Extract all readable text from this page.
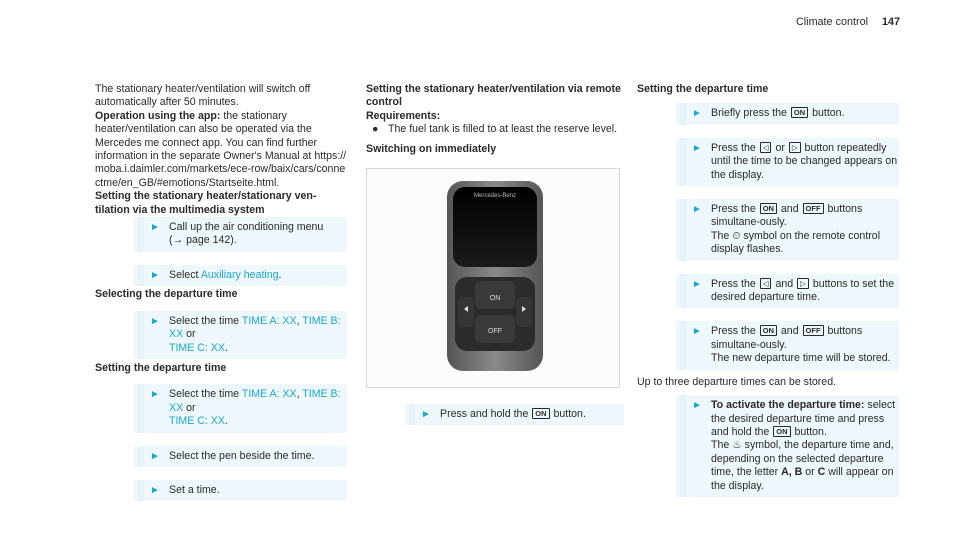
Climate control 147

The stationary heater/ventilation will switch off automatically after 50 minutes.

Operation using the app: the stationary heater/ventilation can also be operated via the Mercedes me connect app. You can find further information in the separate Owner's Manual at https://moba.i.daimler.com/markets/ece-row/baix/cars/connectme/en_GB/#emotions/Startseite.html.

Setting the stationary heater/stationary ven-tilation via the multimedia system

► Call up the air conditioning menu
(→ page 142).
► Select Auxiliary heating.

Selecting the departure time

► Select the time TIME A: XX, TIME B: XX or
TIME C: XX.

Setting the departure time

► Select the time TIME A: XX, TIME B: XX or
TIME C: XX.
► Select the pen beside the time.
► Set a time.

Setting the stationary heater/ventilation via remote control

Requirements:

● The fuel tank is filled to at least the reserve level.

Switching on immediately

Mercedes-Benz
ON
OFF
► Press and hold the ON button.

Setting the departure time

► Briefly press the ON button.
► Press the ◁ or ▷ button repeatedly until the time to be changed appears on the display.
► Press the ON and OFF buttons simultane-ously.
The ⏲ symbol on the remote control display flashes.
► Press the ◁ and ▷ buttons to set the desired departure time.
► Press the ON and OFF buttons simultane-ously.
The new departure time will be stored.

Up to three departure times can be stored.

► To activate the departure time: select the desired departure time and press and hold the ON button.
The ♨ symbol, the departure time and, depending on the selected departure time, the letter A, B or C will appear on the display.
